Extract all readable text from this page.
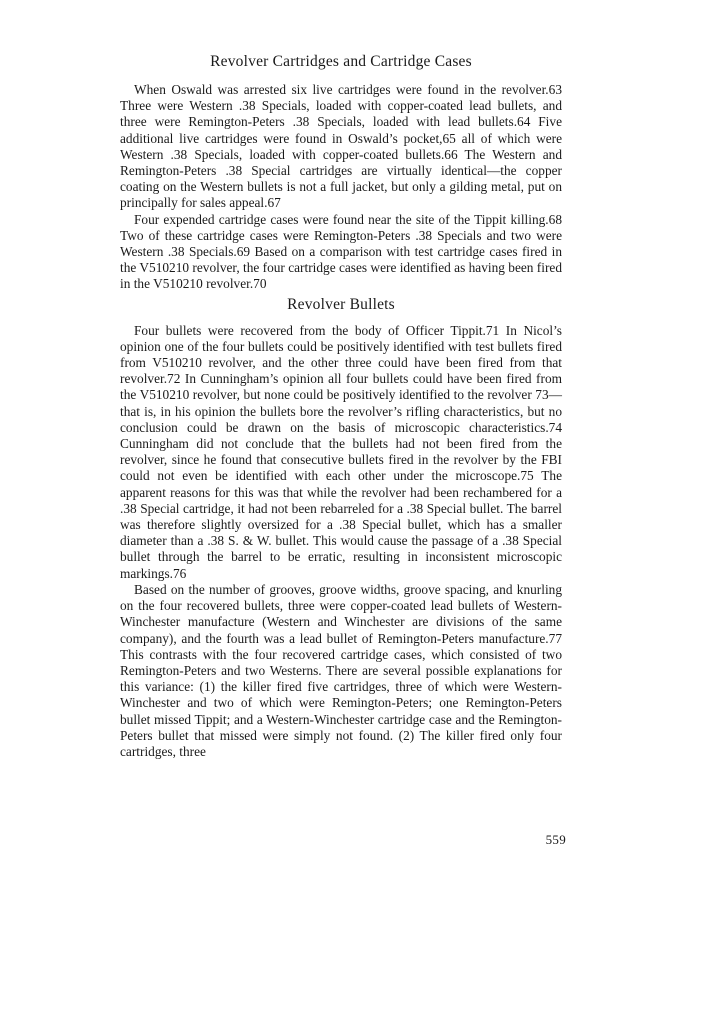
Revolver Cartridges and Cartridge Cases

When Oswald was arrested six live cartridges were found in the revolver.63 Three were Western .38 Specials, loaded with copper-coated lead bullets, and three were Remington-Peters .38 Specials, loaded with lead bullets.64 Five additional live cartridges were found in Oswald’s pocket,65 all of which were Western .38 Specials, loaded with copper-coated bullets.66 The Western and Remington-Peters .38 Special cartridges are virtually identical—the copper coating on the Western bullets is not a full jacket, but only a gilding metal, put on principally for sales appeal.67

Four expended cartridge cases were found near the site of the Tippit killing.68 Two of these cartridge cases were Remington-Peters .38 Specials and two were Western .38 Specials.69 Based on a comparison with test cartridge cases fired in the V510210 revolver, the four cartridge cases were identified as having been fired in the V510210 revolver.70

Revolver Bullets

Four bullets were recovered from the body of Officer Tippit.71 In Nicol’s opinion one of the four bullets could be positively identified with test bullets fired from V510210 revolver, and the other three could have been fired from that revolver.72 In Cunningham’s opinion all four bullets could have been fired from the V510210 revolver, but none could be positively identified to the revolver 73—that is, in his opinion the bullets bore the revolver’s rifling characteristics, but no conclusion could be drawn on the basis of microscopic characteristics.74 Cunningham did not conclude that the bullets had not been fired from the revolver, since he found that consecutive bullets fired in the revolver by the FBI could not even be identified with each other under the microscope.75 The apparent reasons for this was that while the revolver had been rechambered for a .38 Special cartridge, it had not been rebarreled for a .38 Special bullet. The barrel was therefore slightly oversized for a .38 Special bullet, which has a smaller diameter than a .38 S. & W. bullet. This would cause the passage of a .38 Special bullet through the barrel to be erratic, resulting in inconsistent microscopic markings.76

Based on the number of grooves, groove widths, groove spacing, and knurling on the four recovered bullets, three were copper-coated lead bullets of Western-Winchester manufacture (Western and Winchester are divisions of the same company), and the fourth was a lead bullet of Remington-Peters manufacture.77 This contrasts with the four recovered cartridge cases, which consisted of two Remington-Peters and two Westerns. There are several possible explanations for this variance: (1) the killer fired five cartridges, three of which were Western-Winchester and two of which were Remington-Peters; one Remington-Peters bullet missed Tippit; and a Western-Winchester cartridge case and the Remington-Peters bullet that missed were simply not found. (2) The killer fired only four cartridges, three

559
